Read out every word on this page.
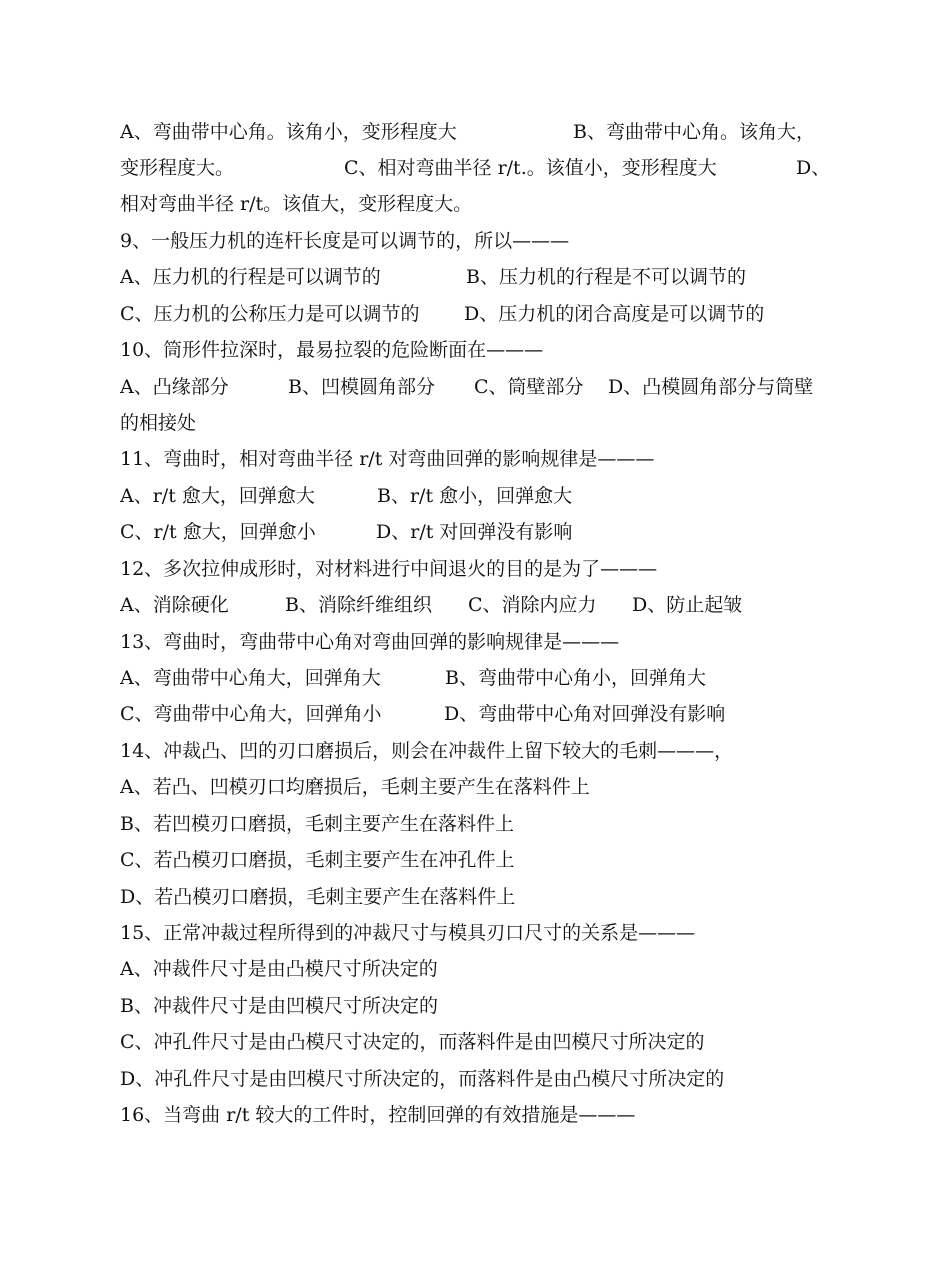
A、弯曲带中心角。该角小，变形程度大

	B、弯曲带中心角。该角大，

变形程度大。

	C、相对弯曲半径 r/t.。该值小，变形程度大

	D、

相对弯曲半径 r/t。该值大，变形程度大。

9、一般压力机的连杆长度是可以调节的，所以———

A、压力机的行程是可以调节的

	B、压力机的行程是不可以调节的

C、压力机的公称压力是可以调节的

D、压力机的闭合高度是可以调节的

10、筒形件拉深时，最易拉裂的危险断面在———

A、凸缘部分

	B、凹模圆角部分

C、筒壁部分

D、凸模圆角部分与筒壁

的相接处

11、弯曲时，相对弯曲半径 r/t 对弯曲回弹的影响规律是———

A、r/t 愈大，回弹愈大

	B、r/t 愈小，回弹愈大

C、r/t 愈大，回弹愈小

	D、r/t 对回弹没有影响

12、多次拉伸成形时，对材料进行中间退火的目的是为了———

A、消除硬化

	B、消除纤维组织

C、消除内应力

D、防止起皱

13、弯曲时，弯曲带中心角对弯曲回弹的影响规律是———

A、弯曲带中心角大，回弹角大

	B、弯曲带中心角小，回弹角大

C、弯曲带中心角大，回弹角小

	D、弯曲带中心角对回弹没有影响

14、冲裁凸、凹的刃口磨损后，则会在冲裁件上留下较大的毛刺———，

A、若凸、凹模刃口均磨损后，毛刺主要产生在落料件上

B、若凹模刃口磨损，毛刺主要产生在落料件上

C、若凸模刃口磨损，毛刺主要产生在冲孔件上

D、若凸模刃口磨损，毛刺主要产生在落料件上

15、正常冲裁过程所得到的冲裁尺寸与模具刃口尺寸的关系是———

A、冲裁件尺寸是由凸模尺寸所决定的

B、冲裁件尺寸是由凹模尺寸所决定的

C、冲孔件尺寸是由凸模尺寸决定的，而落料件是由凹模尺寸所决定的

D、冲孔件尺寸是由凹模尺寸所决定的，而落料件是由凸模尺寸所决定的

16、当弯曲 r/t 较大的工件时，控制回弹的有效措施是———
